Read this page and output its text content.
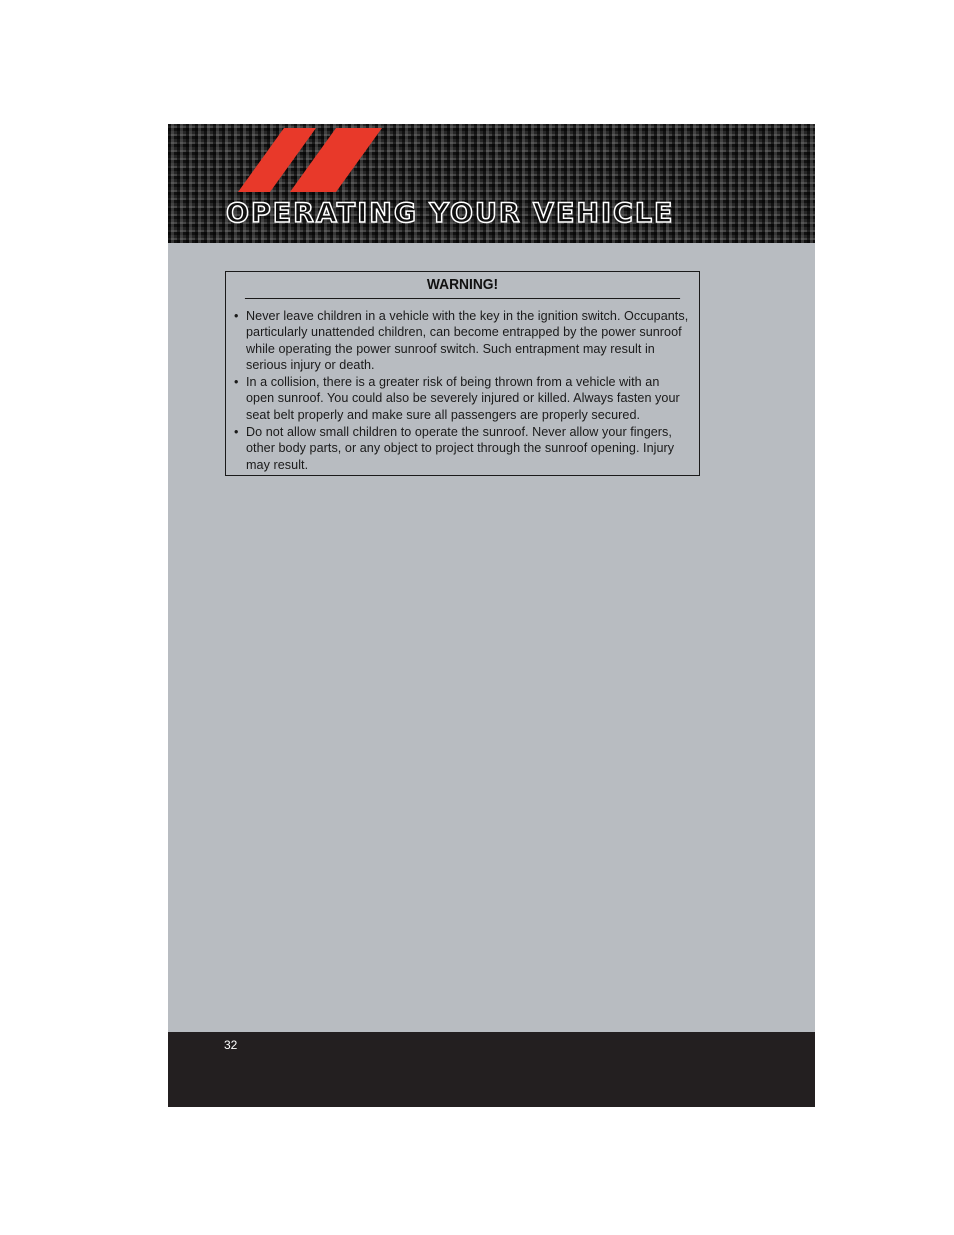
OPERATING YOUR VEHICLE
WARNING!
• Never leave children in a vehicle with the key in the ignition switch. Occupants, particularly unattended children, can become entrapped by the power sunroof while operating the power sunroof switch. Such entrapment may result in serious injury or death.
• In a collision, there is a greater risk of being thrown from a vehicle with an open sunroof. You could also be severely injured or killed. Always fasten your seat belt properly and make sure all passengers are properly secured.
• Do not allow small children to operate the sunroof. Never allow your fingers, other body parts, or any object to project through the sunroof opening. Injury may result.
32
